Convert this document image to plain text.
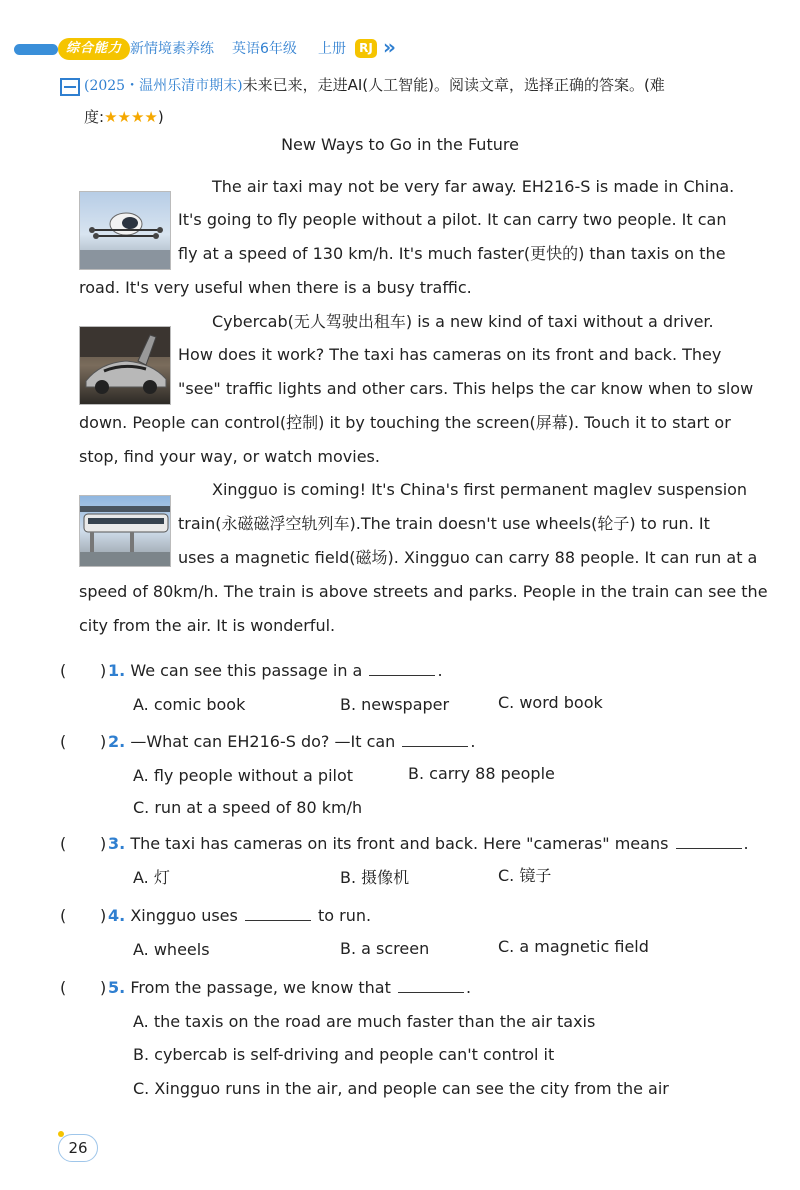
综合能力 新情境素养练 英语6年级 上册	RJ »
(2025・温州乐清市期末)未来已来，走进AI(人工智能)。阅读文章，选择正确的答案。(难
度:★★★★)
New Ways to Go in the Future
The air taxi may not be very far away. EH216-S is made in China.
It's going to fly people without a pilot. It can carry two people. It can
fly at a speed of 130 km/h. It's much faster(更快的) than taxis on the
road. It's very useful when there is a busy traffic.
Cybercab(无人驾驶出租车) is a new kind of taxi without a driver.
How does it work? The taxi has cameras on its front and back. They
"see" traffic lights and other cars. This helps the car know when to slow
down. People can control(控制) it by touching the screen(屏幕). Touch it to start or
stop, find your way, or watch movies.
Xingguo is coming! It's China's first permanent maglev suspension
train(永磁磁浮空轨列车).The train doesn't use wheels(轮子) to run. It
uses a magnetic field(磁场). Xingguo can carry 88 people. It can run at a
speed of 80km/h. The train is above streets and parks. People in the train can see the
city from the air. It is wonderful.
( ) 1. We can see this passage in a	.
A. comic book	B. newspaper	C. word book
( ) 2. —What can EH216-S do? —It can	.
A. fly people without a pilot	B. carry 88 people
C. run at a speed of 80 km/h
( ) 3. The taxi has cameras on its front and back. Here "cameras" means	.
A. 灯	B. 摄像机	C. 镜子
( ) 4. Xingguo uses	to run.
A. wheels	B. a screen	C. a magnetic field
( ) 5. From the passage, we know that	.
A. the taxis on the road are much faster than the air taxis
B. cybercab is self-driving and people can't control it
C. Xingguo runs in the air, and people can see the city from the air
26
